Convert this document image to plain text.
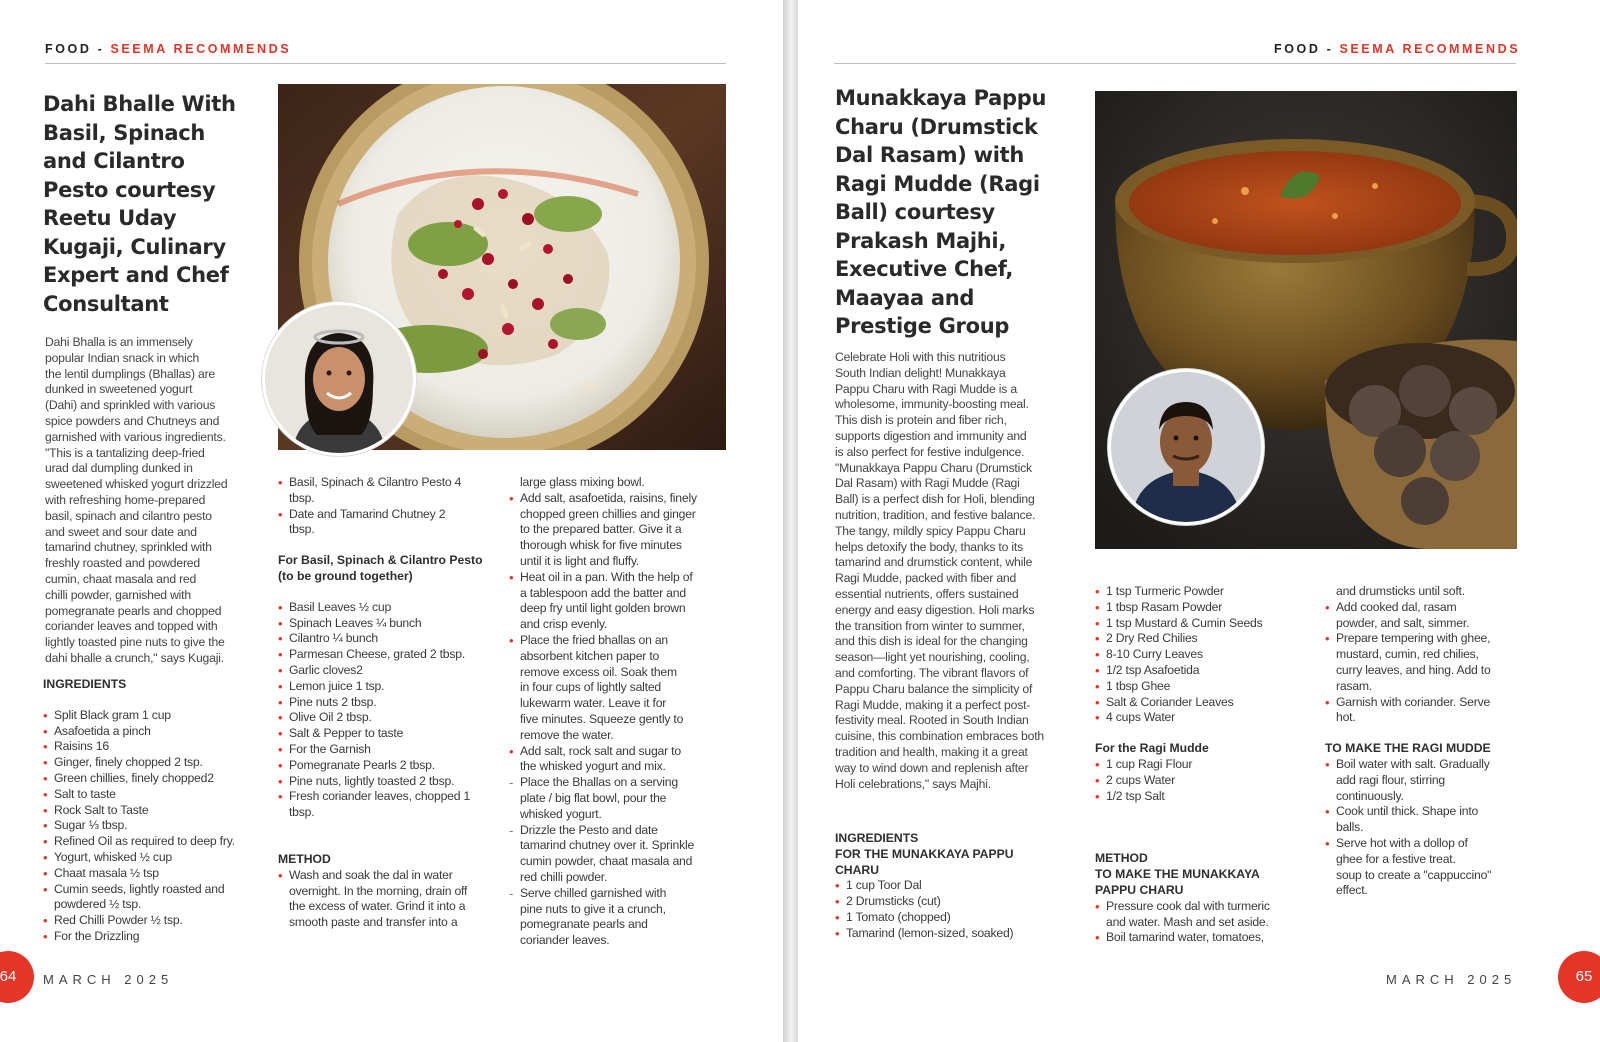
FOOD - SEEMA RECOMMENDS
Dahi Bhalle With
Basil, Spinach
and Cilantro
Pesto courtesy
Reetu Uday
Kugaji, Culinary
Expert and Chef
Consultant
Dahi Bhalla is an immensely
popular Indian snack in which
the lentil dumplings (Bhallas) are
dunked in sweetened yogurt
(Dahi) and sprinkled with various
spice powders and Chutneys and
garnished with various ingredients.
"This is a tantalizing deep-fried
urad dal dumpling dunked in
sweetened whisked yogurt drizzled
with refreshing home-prepared
basil, spinach and cilantro pesto
and sweet and sour date and
tamarind chutney, sprinkled with
freshly roasted and powdered
cumin, chaat masala and red
chilli powder, garnished with
pomegranate pearls and chopped
coriander leaves and topped with
lightly toasted pine nuts to give the
dahi bhalle a crunch," says Kugaji.
INGREDIENTS
• Split Black gram 1 cup
• Asafoetida a pinch
• Raisins 16
• Ginger, finely chopped 2 tsp.
• Green chillies, finely chopped2
• Salt to taste
• Rock Salt to Taste
• Sugar ⅓ tbsp.
• Refined Oil as required to deep fry.
• Yogurt, whisked ½ cup
• Chaat masala ½ tsp
• Cumin seeds, lightly roasted and
powdered ½ tsp.
• Red Chilli Powder ½ tsp.
• For the Drizzling
• Basil, Spinach & Cilantro Pesto 4
tbsp.
• Date and Tamarind Chutney 2
tbsp.
For Basil, Spinach & Cilantro Pesto
(to be ground together)
• Basil Leaves ½ cup
• Spinach Leaves ¼ bunch
• Cilantro ¼ bunch
• Parmesan Cheese, grated 2 tbsp.
• Garlic cloves2
• Lemon juice 1 tsp.
• Pine nuts 2 tbsp.
• Olive Oil 2 tbsp.
• Salt & Pepper to taste
• For the Garnish
• Pomegranate Pearls 2 tbsp.
• Pine nuts, lightly toasted 2 tbsp.
• Fresh coriander leaves, chopped 1
tbsp.
METHOD
• Wash and soak the dal in water
overnight. In the morning, drain off
the excess of water. Grind it into a
smooth paste and transfer into a
large glass mixing bowl.
• Add salt, asafoetida, raisins, finely
chopped green chillies and ginger
to the prepared batter. Give it a
thorough whisk for five minutes
until it is light and fluffy.
• Heat oil in a pan. With the help of
a tablespoon add the batter and
deep fry until light golden brown
and crisp evenly.
• Place the fried bhallas on an
absorbent kitchen paper to
remove excess oil. Soak them
in four cups of lightly salted
lukewarm water. Leave it for
five minutes. Squeeze gently to
remove the water.
• Add salt, rock salt and sugar to
the whisked yogurt and mix.
- Place the Bhallas on a serving
plate / big flat bowl, pour the
whisked yogurt.
- Drizzle the Pesto and date
tamarind chutney over it. Sprinkle
cumin powder, chaat masala and
red chilli powder.
- Serve chilled garnished with
pine nuts to give it a crunch,
pomegranate pearls and
coriander leaves.
MARCH 2025
64
FOOD - SEEMA RECOMMENDS
Munakkaya Pappu
Charu (Drumstick
Dal Rasam) with
Ragi Mudde (Ragi
Ball) courtesy
Prakash Majhi,
Executive Chef,
Maayaa and
Prestige Group
Celebrate Holi with this nutritious
South Indian delight! Munakkaya
Pappu Charu with Ragi Mudde is a
wholesome, immunity-boosting meal.
This dish is protein and fiber rich,
supports digestion and immunity and
is also perfect for festive indulgence.
"Munakkaya Pappu Charu (Drumstick
Dal Rasam) with Ragi Mudde (Ragi
Ball) is a perfect dish for Holi, blending
nutrition, tradition, and festive balance.
The tangy, mildly spicy Pappu Charu
helps detoxify the body, thanks to its
tamarind and drumstick content, while
Ragi Mudde, packed with fiber and
essential nutrients, offers sustained
energy and easy digestion. Holi marks
the transition from winter to summer,
and this dish is ideal for the changing
season—light yet nourishing, cooling,
and comforting. The vibrant flavors of
Pappu Charu balance the simplicity of
Ragi Mudde, making it a perfect post-
festivity meal. Rooted in South Indian
cuisine, this combination embraces both
tradition and health, making it a great
way to wind down and replenish after
Holi celebrations," says Majhi.
INGREDIENTS
FOR THE MUNAKKAYA PAPPU
CHARU
• 1 cup Toor Dal
• 2 Drumsticks (cut)
• 1 Tomato (chopped)
• Tamarind (lemon-sized, soaked)
• 1 tsp Turmeric Powder
• 1 tbsp Rasam Powder
• 1 tsp Mustard & Cumin Seeds
• 2 Dry Red Chilies
• 8-10 Curry Leaves
• 1/2 tsp Asafoetida
• 1 tbsp Ghee
• Salt & Coriander Leaves
• 4 cups Water
For the Ragi Mudde
• 1 cup Ragi Flour
• 2 cups Water
• 1/2 tsp Salt
METHOD
TO MAKE THE MUNAKKAYA
PAPPU CHARU
• Pressure cook dal with turmeric
and water. Mash and set aside.
• Boil tamarind water, tomatoes,
and drumsticks until soft.
• Add cooked dal, rasam
powder, and salt, simmer.
• Prepare tempering with ghee,
mustard, cumin, red chilies,
curry leaves, and hing. Add to
rasam.
• Garnish with coriander. Serve
hot.
TO MAKE THE RAGI MUDDE
• Boil water with salt. Gradually
add ragi flour, stirring
continuously.
• Cook until thick. Shape into
balls.
• Serve hot with a dollop of
ghee for a festive treat.
soup to create a "cappuccino"
effect.
MARCH 2025	65
